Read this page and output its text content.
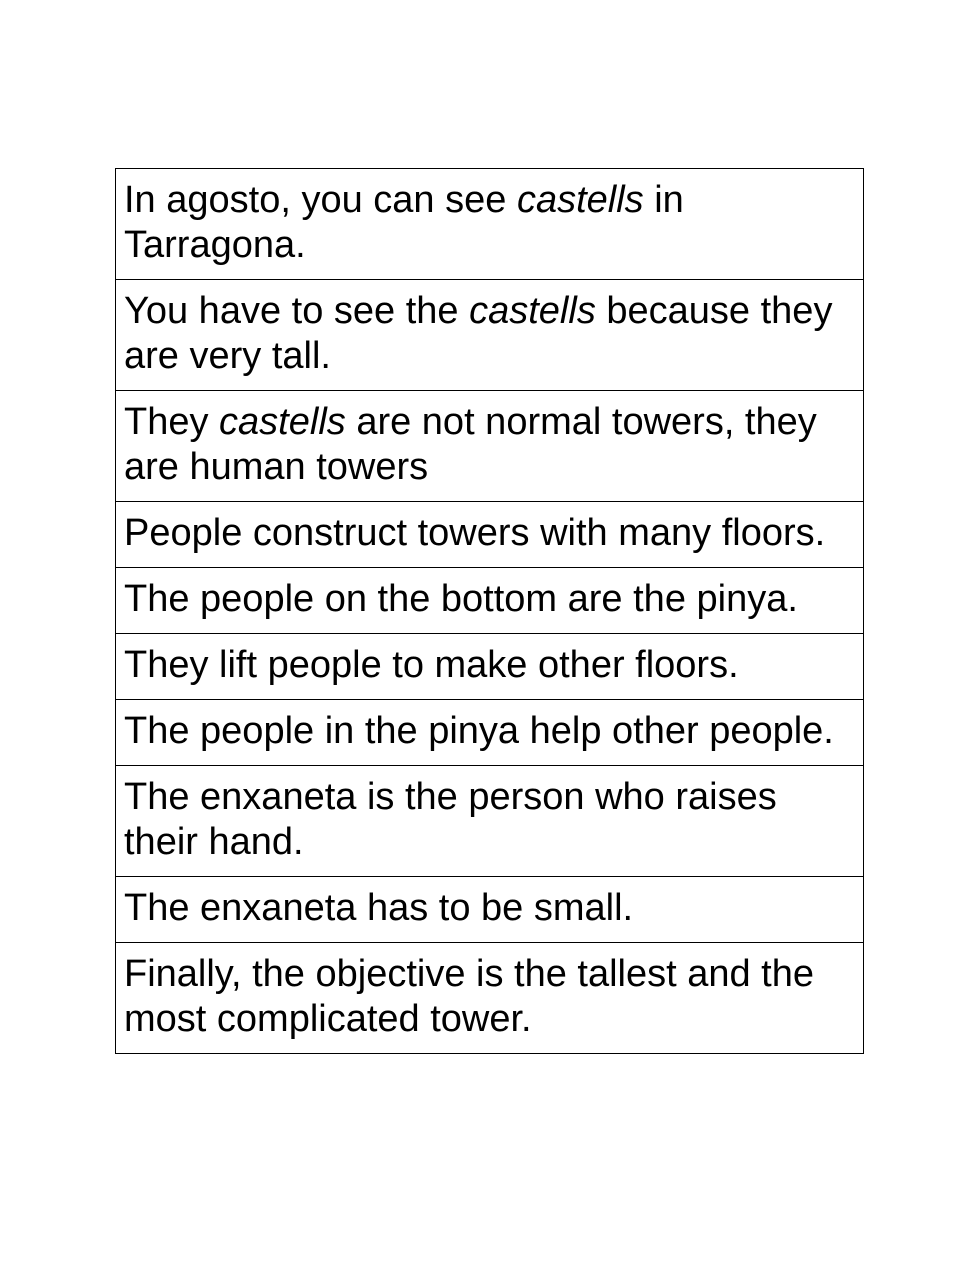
In agosto, you can see castells in Tarragona.
You have to see the castells because they are very tall.
They castells are not normal towers, they are human towers
People construct towers with many floors.
The people on the bottom are the pinya.
They lift people to make other floors.
The people in the pinya help other people.
The enxaneta is the person who raises their hand.
The enxaneta has to be small.
Finally, the objective is the tallest and the most complicated tower.
